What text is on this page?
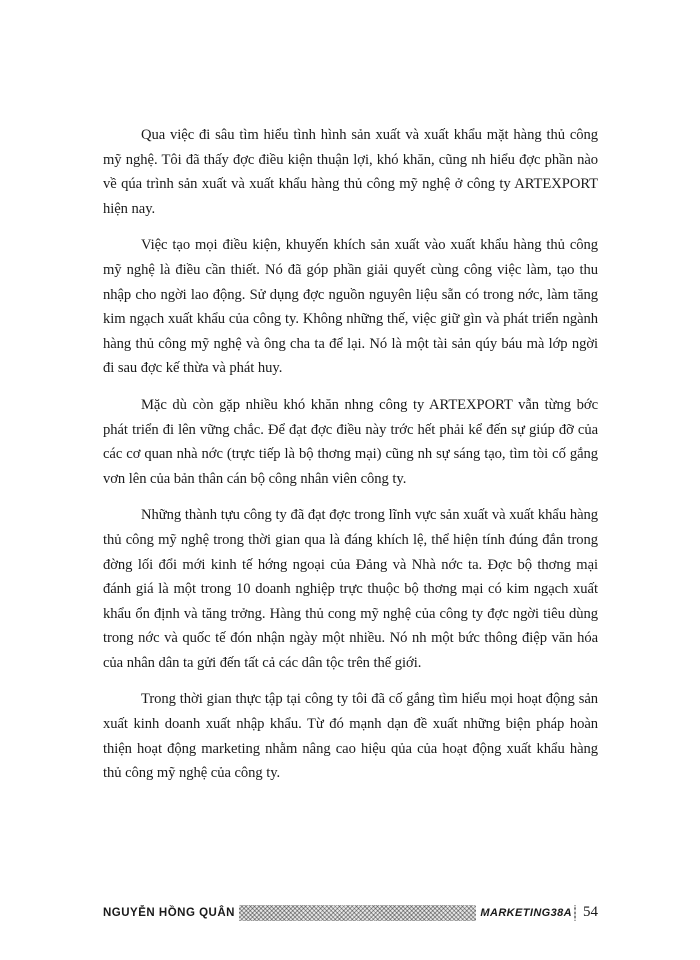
Qua việc đi sâu tìm hiểu tình hình sản xuất và xuất khẩu mặt hàng thủ công mỹ nghệ. Tôi đã thấy đợc điều kiện thuận lợi, khó khăn, cũng nh hiểu đợc phần nào về qúa trình sản xuất và xuất khẩu hàng thủ công mỹ nghệ ở công ty ARTEXPORT hiện nay.

Việc tạo mọi điều kiện, khuyến khích sản xuất vào xuất khẩu hàng thủ công mỹ nghệ là điều cần thiết. Nó đã góp phần giải quyết cùng công việc làm, tạo thu nhập cho ngời lao động. Sử dụng đợc nguồn nguyên liệu sẵn có trong nớc, làm tăng kim ngạch xuất khẩu của công ty. Không những thế, việc giữ gìn và phát triển ngành hàng thủ công mỹ nghệ và ông cha ta để lại. Nó là một tài sản qúy báu mà lớp ngời đi sau đợc kế thừa và phát huy.

Mặc dù còn gặp nhiều khó khăn nhng công ty ARTEXPORT vẫn từng bớc phát triển đi lên vững chắc. Để đạt đợc điều này trớc hết phải kể đến sự giúp đỡ của các cơ quan nhà nớc (trực tiếp là bộ thơng mại) cũng nh sự sáng tạo, tìm tòi cố gắng vơn lên của bản thân cán bộ công nhân viên công ty.

Những thành tựu công ty đã đạt đợc trong lĩnh vực sản xuất và xuất khẩu hàng thủ công mỹ nghệ trong thời gian qua là đáng khích lệ, thể hiện tính đúng đắn trong đờng lối đổi mới kinh tế hớng ngoại của Đảng và Nhà nớc ta. Đợc bộ thơng mại đánh giá là một trong 10 doanh nghiệp trực thuộc bộ thơng mại có kim ngạch xuất khẩu ổn định và tăng trởng. Hàng thủ cong mỹ nghệ của công ty đợc ngời tiêu dùng trong nớc và quốc tế đón nhận ngày một nhiều. Nó nh một bức thông điệp văn hóa của nhân dân ta gửi đến tất cả các dân tộc trên thế giới.

Trong thời gian thực tập tại công ty tôi đã cố gắng tìm hiểu mọi hoạt động sản xuất kinh doanh xuất nhập khẩu. Từ đó mạnh dạn đề xuất những biện pháp hoàn thiện hoạt động marketing nhằm nâng cao hiệu qủa của hoạt động xuất khẩu hàng thủ công mỹ nghệ của công ty.

NGUYỄN HỒNG QUÂN	MARKETING38A 54
